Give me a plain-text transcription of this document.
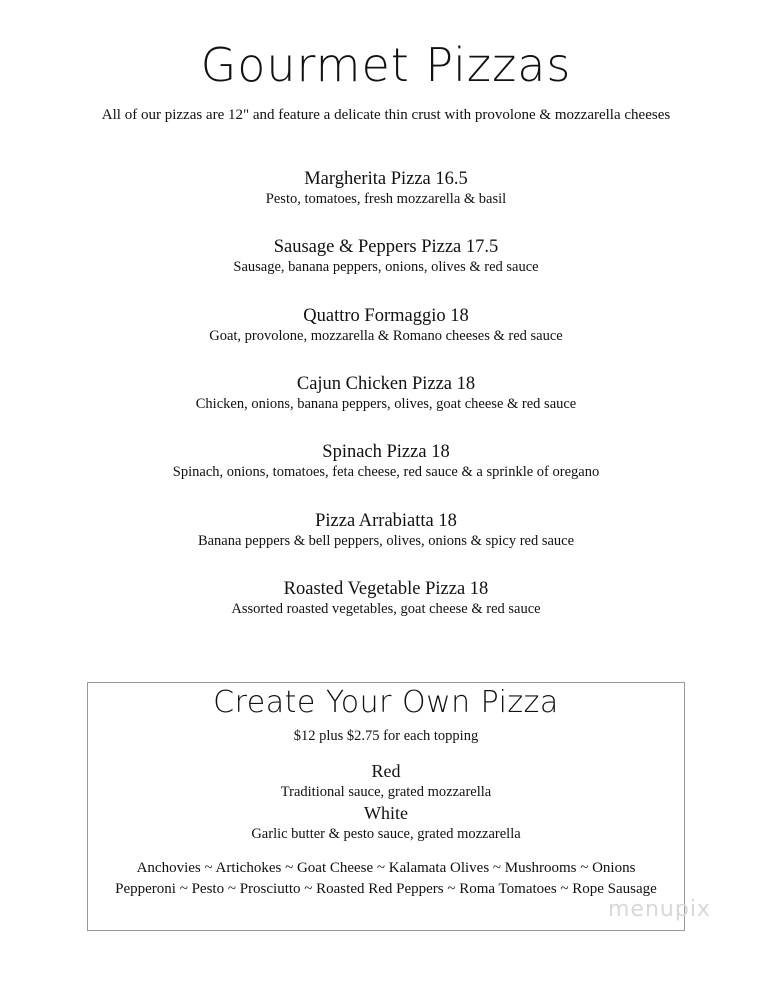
Gourmet Pizzas
All of our pizzas are 12" and feature a delicate thin crust with provolone & mozzarella cheeses
Margherita Pizza 16.5
Pesto, tomatoes, fresh mozzarella & basil
Sausage & Peppers Pizza 17.5
Sausage, banana peppers, onions, olives & red sauce
Quattro Formaggio 18
Goat, provolone, mozzarella & Romano cheeses & red sauce
Cajun Chicken Pizza 18
Chicken, onions, banana peppers, olives, goat cheese & red sauce
Spinach Pizza 18
Spinach, onions, tomatoes, feta cheese, red sauce & a sprinkle of oregano
Pizza Arrabiatta 18
Banana peppers & bell peppers, olives, onions & spicy red sauce
Roasted Vegetable Pizza 18
Assorted roasted vegetables, goat cheese & red sauce
Create Your Own Pizza
$12 plus $2.75 for each topping
Red
Traditional sauce, grated mozzarella
White
Garlic butter & pesto sauce, grated mozzarella
Anchovies ~ Artichokes ~ Goat Cheese ~ Kalamata Olives ~ Mushrooms ~ Onions
Pepperoni ~ Pesto ~ Prosciutto ~ Roasted Red Peppers ~ Roma Tomatoes ~ Rope Sausage
menupix
